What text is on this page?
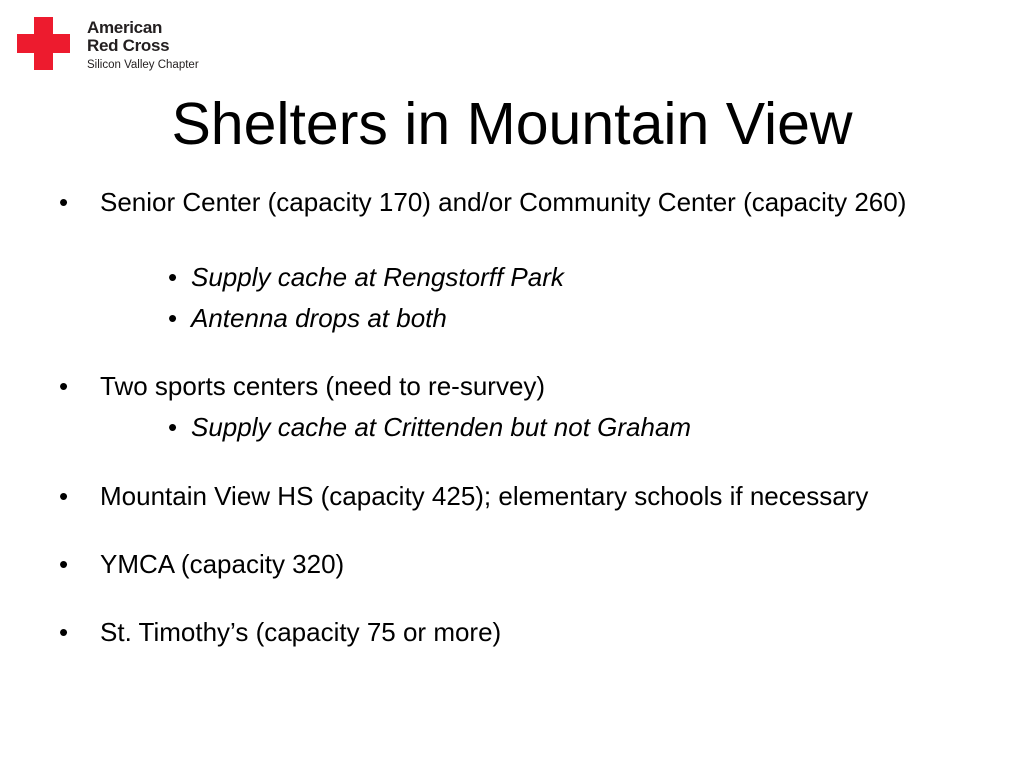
American
Red Cross
Silicon Valley Chapter
Shelters in Mountain View
• Senior Center (capacity 170) and/or Community Center (capacity 260)
• Supply cache at Rengstorff Park
• Antenna drops at both
• Two sports centers (need to re-survey)
• Supply cache at Crittenden but not Graham
• Mountain View HS (capacity 425); elementary schools if necessary
• YMCA (capacity 320)
• St. Timothy’s (capacity 75 or more)
